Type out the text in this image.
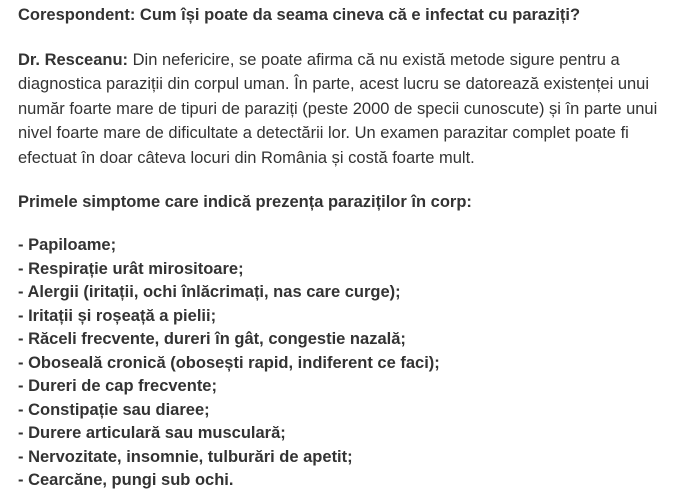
Corespondent: Cum își poate da seama cineva că e infectat cu paraziți?

Dr. Resceanu: Din nefericire, se poate afirma că nu există metode sigure pentru a diagnostica paraziții din corpul uman. În parte, acest lucru se datorează existenței unui număr foarte mare de tipuri de paraziți (peste 2000 de specii cunoscute) și în parte unui nivel foarte mare de dificultate a detectării lor. Un examen parazitar complet poate fi efectuat în doar câteva locuri din România și costă foarte mult.

Primele simptome care indică prezența paraziților în corp:

- Papiloame;
- Respirație urât mirositoare;
- Alergii (iritații, ochi înlăcrimați, nas care curge);
- Iritații și roșeață a pielii;
- Răceli frecvente, dureri în gât, congestie nazală;
- Oboseală cronică (obosești rapid, indiferent ce faci);
- Dureri de cap frecvente;
- Constipație sau diaree;
- Durere articulară sau musculară;
- Nervozitate, insomnie, tulburări de apetit;
- Cearcăne, pungi sub ochi.
